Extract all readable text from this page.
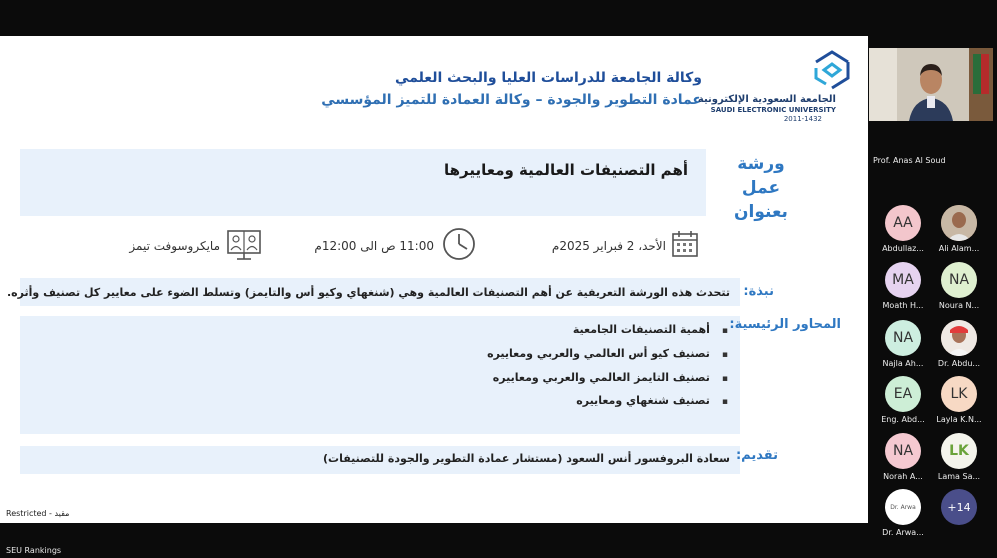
وكالة الجامعة للدراسات العليا والبحث العلمي
عمادة التطوير والجودة – وكالة العمادة للتميز المؤسسي
الجامعة السعودية الإلكترونية
SAUDI ELECTRONIC UNIVERSITY
2011-1432
أهم التصنيفات العالمية ومعاييرها	ورشة عمل
بعنوان
الأحد، 2 فبراير 2025م
11:00 ص الى 12:00م
مايكروسوفت تيمز
نبذة:
تتحدث هذه الورشة التعريفية عن أهم التصنيفات العالمية وهي (شنغهاي وكيو أس والتايمز) وتسلط الضوء على معايير كل تصنيف وأثره.
المحاور الرئيسية:
▪ أهمية التصنيفات الجامعية
▪ تصنيف كيو أس العالمي والعربي ومعاييره
▪ تصنيف التايمز العالمي والعربي ومعاييره
▪ تصنيف شنغهاي ومعاييره
تقديم:
سعادة البروفسور أنس السعود (مستشار عمادة التطوير والجودة للتصنيفات)
Restricted - مقيد
SEU Rankings
Prof. Anas Al Soud
AA
Abdullaz...	Ali Alam...
MA
Moath H...
NA
Noura N...
NA
Najla Ah...	Dr. Abdu...
EA
Eng. Abd...
LK
Layla K.N...
NA
Norah A...
LK
Lama Sa...
Dr. Arwa
Dr. Arwa...
+14
